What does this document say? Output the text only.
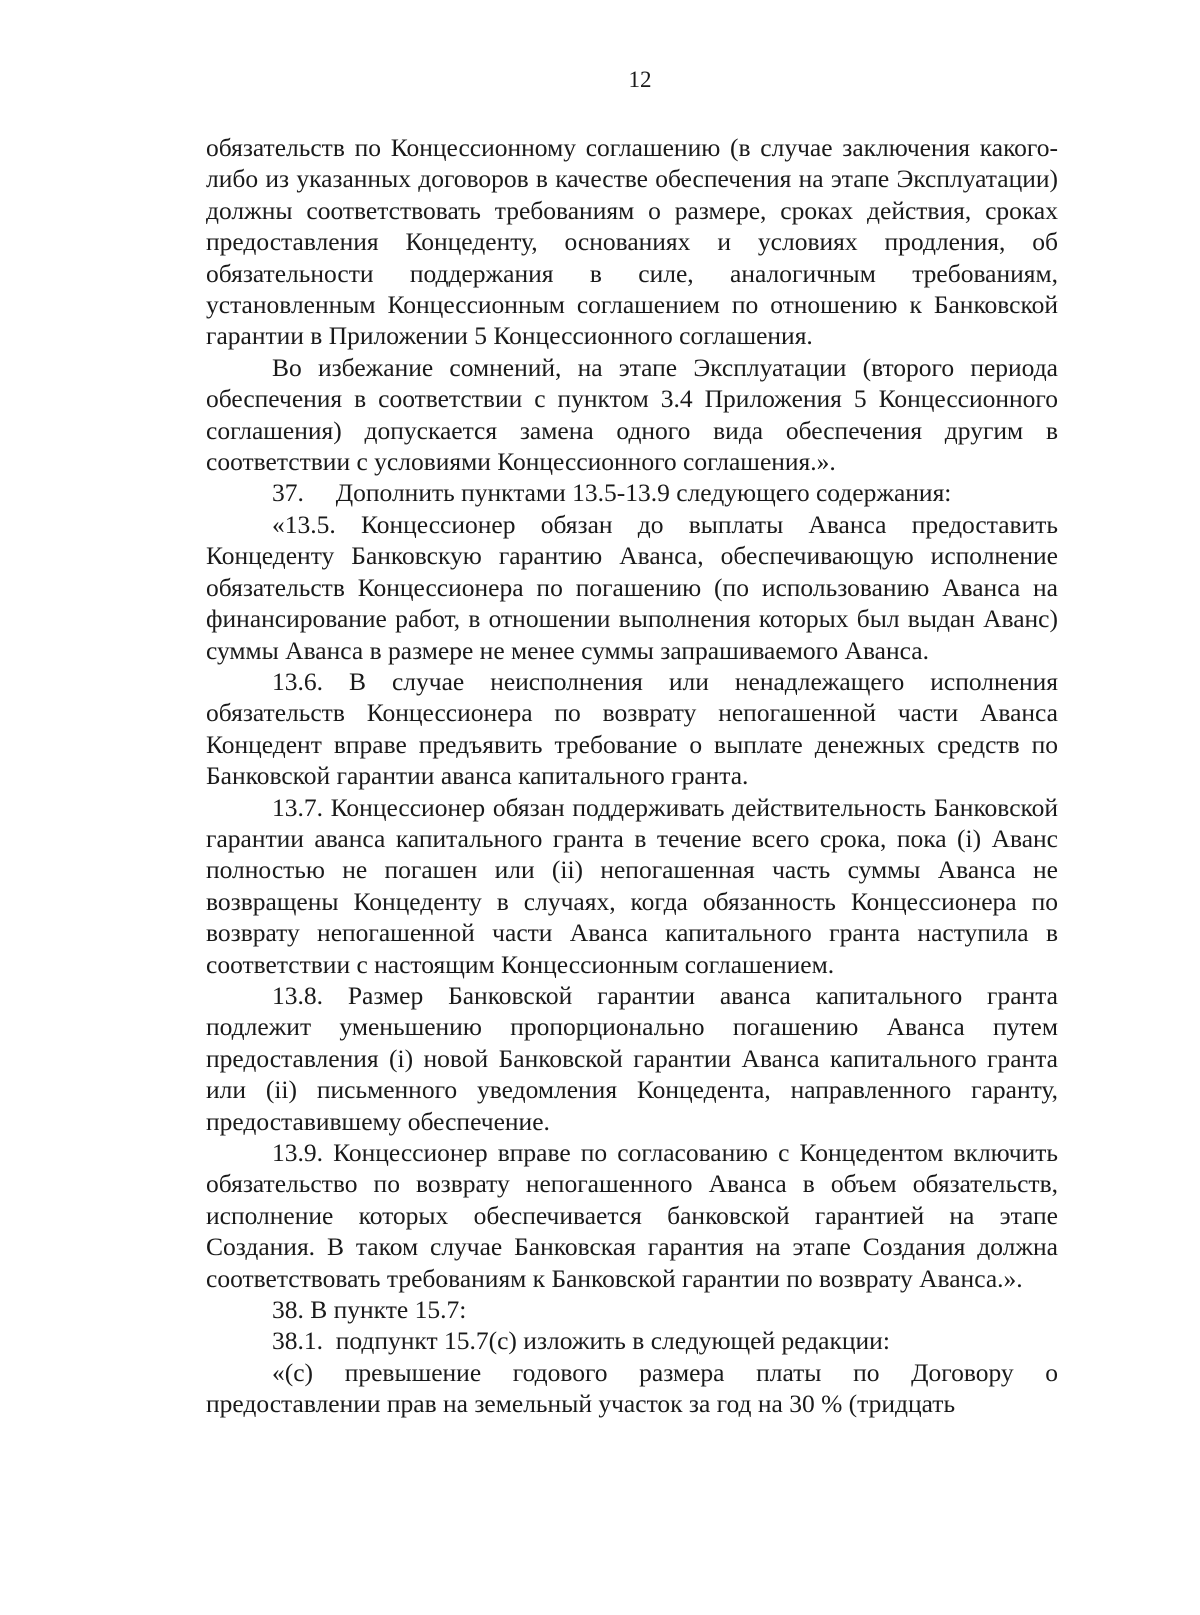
12

обязательств по Концессионному соглашению (в случае заключения какого-либо из указанных договоров в качестве обеспечения на этапе Эксплуатации) должны соответствовать требованиям о размере, сроках действия, сроках предоставления Концеденту, основаниях и условиях продления, об обязательности поддержания в силе, аналогичным требованиям, установленным Концессионным соглашением по отношению к Банковской гарантии в Приложении 5 Концессионного соглашения.

Во избежание сомнений, на этапе Эксплуатации (второго периода обеспечения в соответствии с пунктом 3.4 Приложения 5 Концессионного соглашения) допускается замена одного вида обеспечения другим в соответствии с условиями Концессионного соглашения.».

37.     Дополнить пунктами 13.5-13.9 следующего содержания:

«13.5. Концессионер обязан до выплаты Аванса предоставить Концеденту Банковскую гарантию Аванса, обеспечивающую исполнение обязательств Концессионера по погашению (по использованию Аванса на финансирование работ, в отношении выполнения которых был выдан Аванс) суммы Аванса в размере не менее суммы запрашиваемого Аванса.

13.6. В случае неисполнения или ненадлежащего исполнения обязательств Концессионера по возврату непогашенной части Аванса Концедент вправе предъявить требование о выплате денежных средств по Банковской гарантии аванса капитального гранта.

13.7. Концессионер обязан поддерживать действительность Банковской гарантии аванса капитального гранта в течение всего срока, пока (i) Аванс полностью не погашен или (ii) непогашенная часть суммы Аванса не возвращены Концеденту в случаях, когда обязанность Концессионера по возврату непогашенной части Аванса капитального гранта наступила в соответствии с настоящим Концессионным соглашением.

13.8. Размер Банковской гарантии аванса капитального гранта подлежит уменьшению пропорционально погашению Аванса путем предоставления (i) новой Банковской гарантии Аванса капитального гранта или (ii) письменного уведомления Концедента, направленного гаранту, предоставившему обеспечение.

13.9. Концессионер вправе по согласованию с Концедентом включить обязательство по возврату непогашенного Аванса в объем обязательств, исполнение которых обеспечивается банковской гарантией на этапе Создания. В таком случае Банковская гарантия на этапе Создания должна соответствовать требованиям к Банковской гарантии по возврату Аванса.».

38. В пункте 15.7:

38.1.  подпункт 15.7(c) изложить в следующей редакции:

«(c) превышение годового размера платы по Договору о предоставлении прав на земельный участок за год на 30 % (тридцать
